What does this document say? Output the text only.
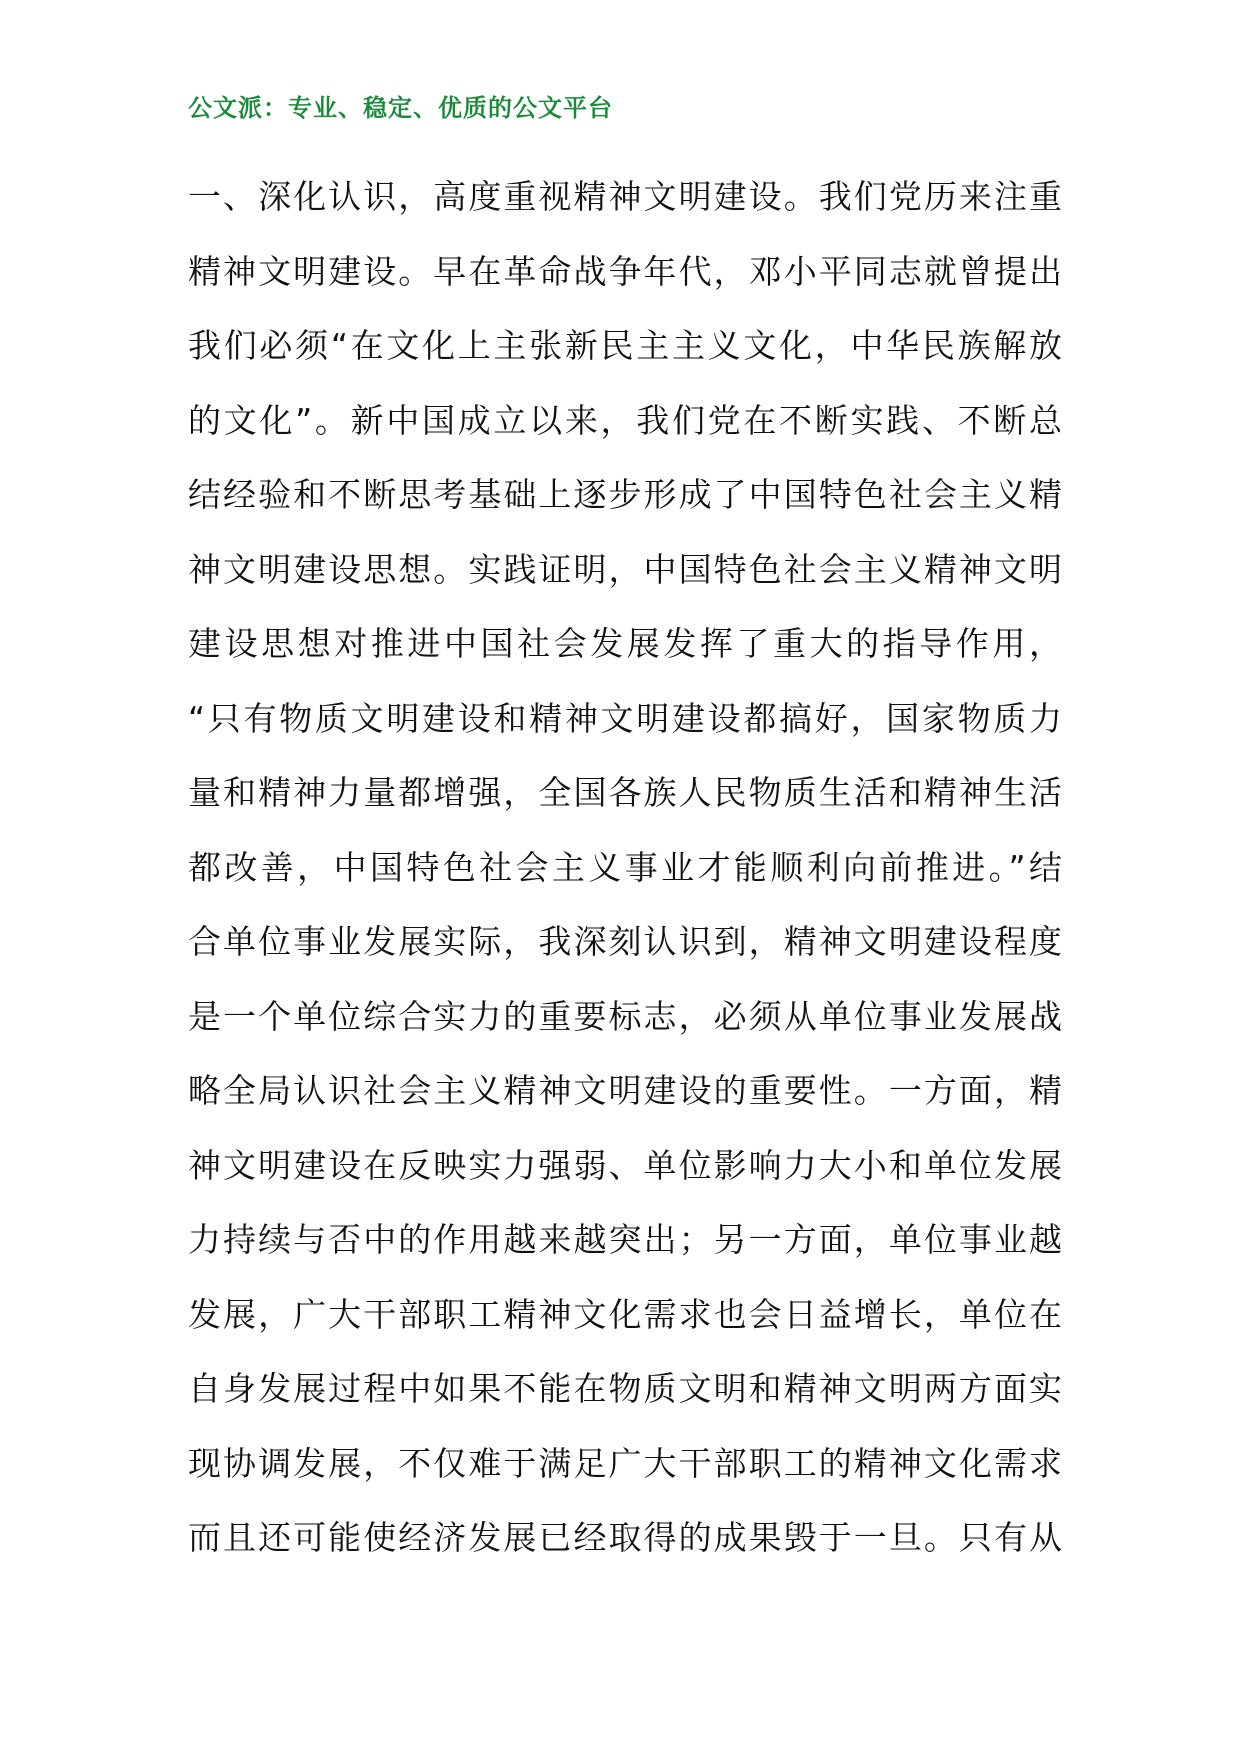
公文派：专业、稳定、优质的公文平台
一、深化认识，高度重视精神文明建设。我们党历来注重
精神文明建设。早在革命战争年代，邓小平同志就曾提出
我们必须“在文化上主张新民主主义文化，中华民族解放
的文化”。新中国成立以来，我们党在不断实践、不断总
结经验和不断思考基础上逐步形成了中国特色社会主义精
神文明建设思想。实践证明，中国特色社会主义精神文明
建设思想对推进中国社会发展发挥了重大的指导作用，
“只有物质文明建设和精神文明建设都搞好，国家物质力
量和精神力量都增强，全国各族人民物质生活和精神生活
都改善，中国特色社会主义事业才能顺利向前推进。”结
合单位事业发展实际，我深刻认识到，精神文明建设程度
是一个单位综合实力的重要标志，必须从单位事业发展战
略全局认识社会主义精神文明建设的重要性。一方面，精
神文明建设在反映实力强弱、单位影响力大小和单位发展
力持续与否中的作用越来越突出；另一方面，单位事业越
发展，广大干部职工精神文化需求也会日益增长，单位在
自身发展过程中如果不能在物质文明和精神文明两方面实
现协调发展，不仅难于满足广大干部职工的精神文化需求
而且还可能使经济发展已经取得的成果毁于一旦。只有从
